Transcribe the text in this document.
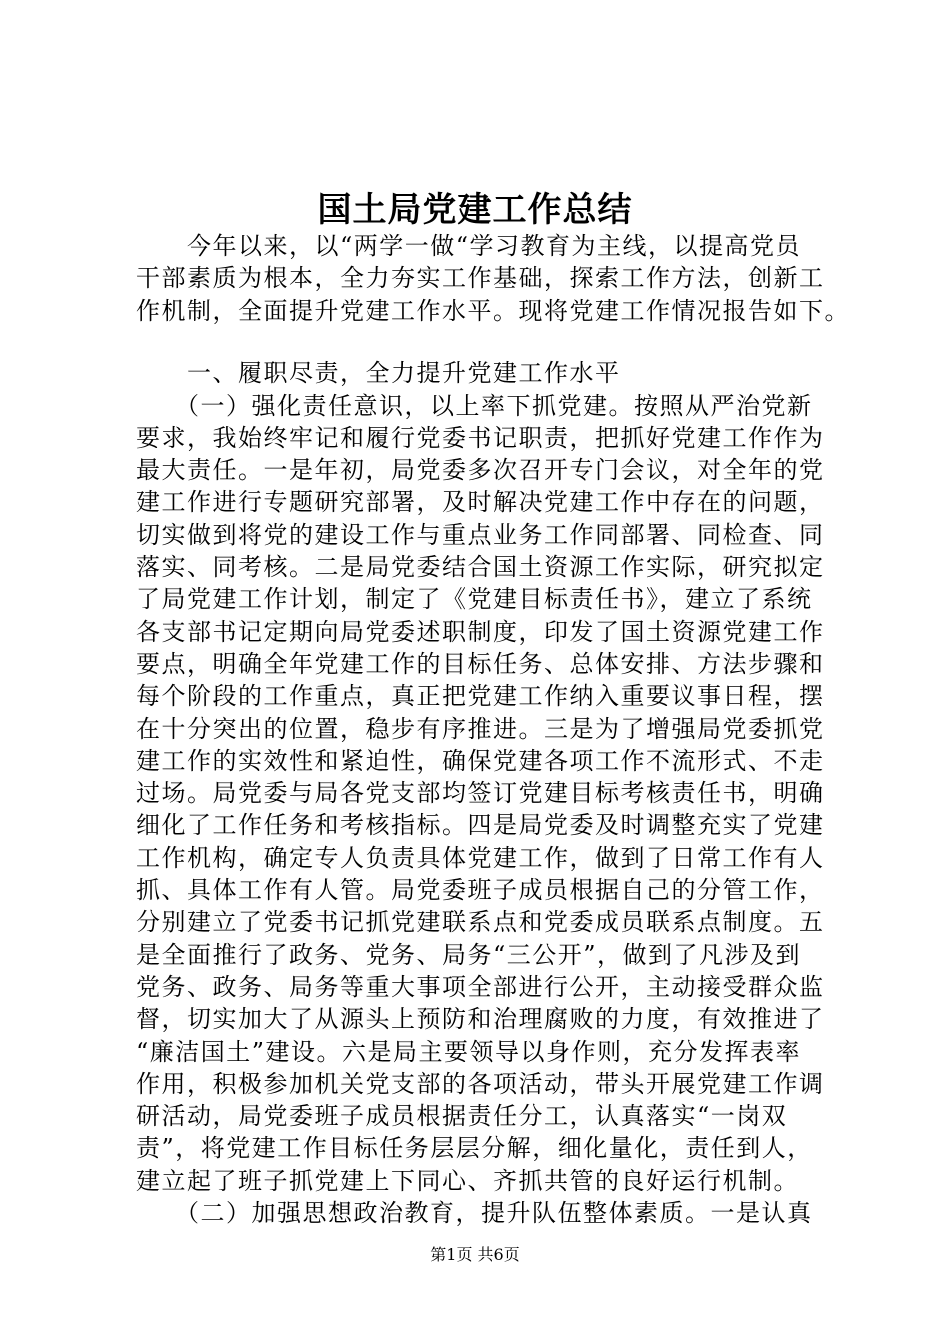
国土局党建工作总结
　　今年以来，以“两学一做“学习教育为主线，以提高党员
干部素质为根本，全力夯实工作基础，探索工作方法，创新工
作机制，全面提升党建工作水平。现将党建工作情况报告如下。
　　一、履职尽责，全力提升党建工作水平
　　（一）强化责任意识，以上率下抓党建。按照从严治党新
要求，我始终牢记和履行党委书记职责，把抓好党建工作作为
最大责任。一是年初，局党委多次召开专门会议，对全年的党
建工作进行专题研究部署，及时解决党建工作中存在的问题，
切实做到将党的建设工作与重点业务工作同部署、同检查、同
落实、同考核。二是局党委结合国土资源工作实际，研究拟定
了局党建工作计划，制定了《党建目标责任书》，建立了系统
各支部书记定期向局党委述职制度，印发了国土资源党建工作
要点，明确全年党建工作的目标任务、总体安排、方法步骤和
每个阶段的工作重点，真正把党建工作纳入重要议事日程，摆
在十分突出的位置，稳步有序推进。三是为了增强局党委抓党
建工作的实效性和紧迫性，确保党建各项工作不流形式、不走
过场。局党委与局各党支部均签订党建目标考核责任书，明确
细化了工作任务和考核指标。四是局党委及时调整充实了党建
工作机构，确定专人负责具体党建工作，做到了日常工作有人
抓、具体工作有人管。局党委班子成员根据自己的分管工作，
分别建立了党委书记抓党建联系点和党委成员联系点制度。五
是全面推行了政务、党务、局务“三公开”，做到了凡涉及到
党务、政务、局务等重大事项全部进行公开，主动接受群众监
督，切实加大了从源头上预防和治理腐败的力度，有效推进了
“廉洁国土”建设。六是局主要领导以身作则，充分发挥表率
作用，积极参加机关党支部的各项活动，带头开展党建工作调
研活动，局党委班子成员根据责任分工，认真落实“一岗双
责”，将党建工作目标任务层层分解，细化量化，责任到人，
建立起了班子抓党建上下同心、齐抓共管的良好运行机制。
　　（二）加强思想政治教育，提升队伍整体素质。一是认真
第1页 共6页
